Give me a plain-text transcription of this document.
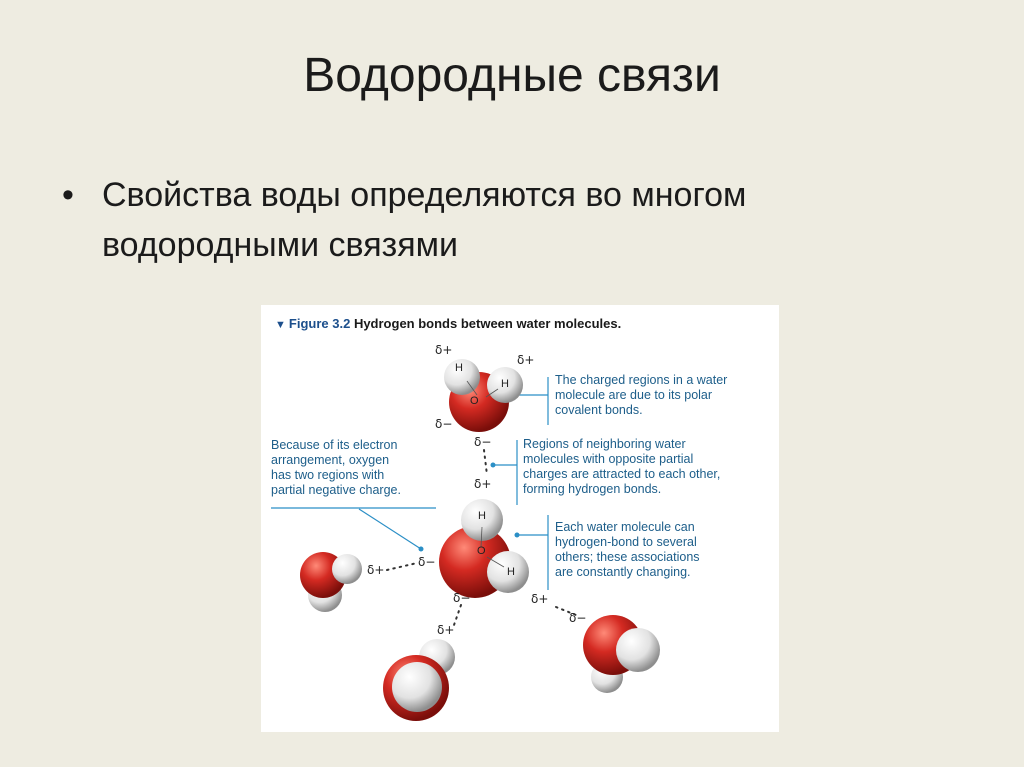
Водородные связи
• Свойства воды определяются во многом
водородными связями
▼ Figure 3.2 Hydrogen bonds between water molecules.
The charged regions in a water
molecule are due to its polar
covalent bonds.
Because of its electron
arrangement, oxygen
has two regions with
partial negative charge.
Regions of neighboring water
molecules with opposite partial
charges are attracted to each other,
forming hydrogen bonds.
Each water molecule can
hydrogen-bond to several
others; these associations
are constantly changing.
δ+
δ+
δ−
δ−
δ+
δ+
δ−
δ−
δ+
δ+
δ−
H
H
O
H
O
H
